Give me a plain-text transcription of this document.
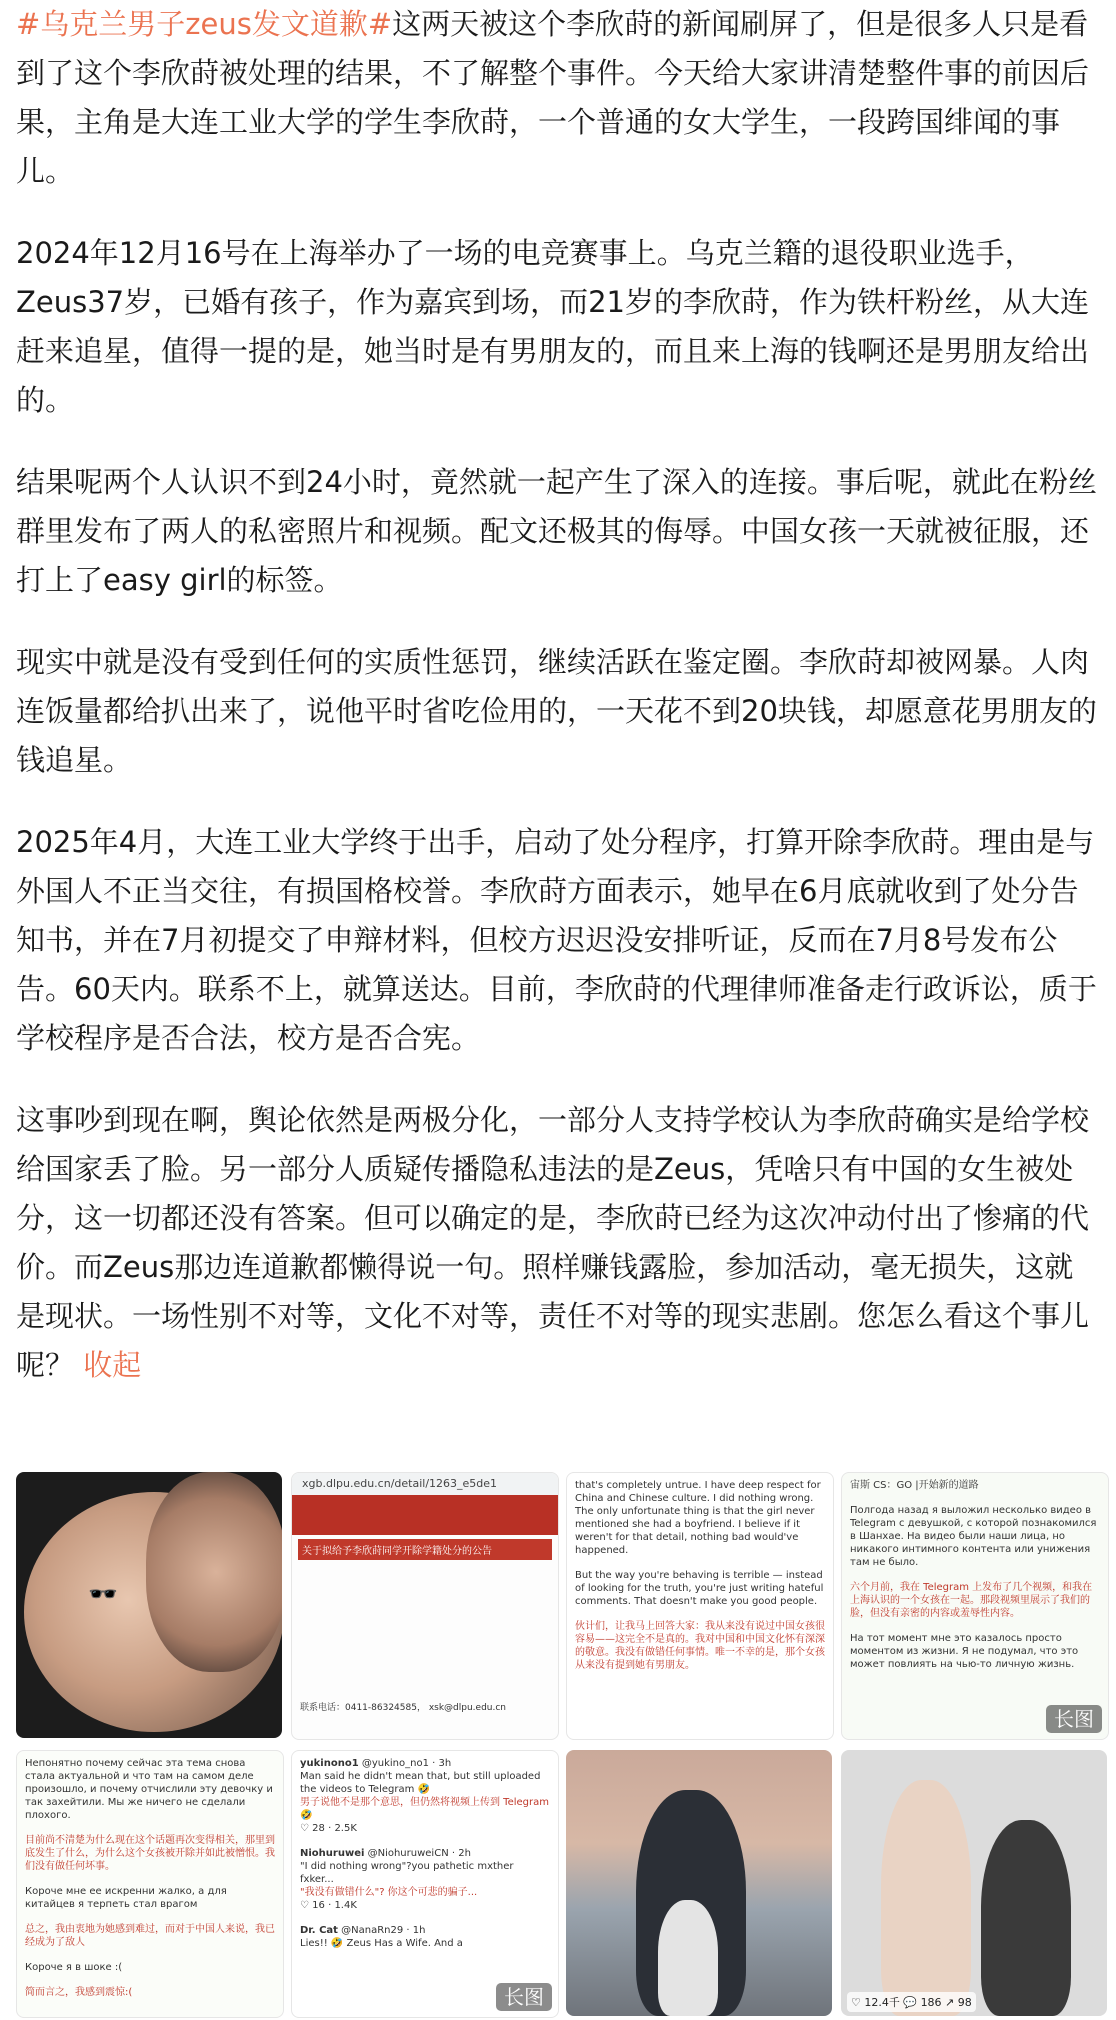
#乌克兰男子zeus发文道歉#这两天被这个李欣莳的新闻刷屏了，但是很多人只是看到了这个李欣莳被处理的结果，不了解整个事件。今天给大家讲清楚整件事的前因后果，主角是大连工业大学的学生李欣莳，一个普通的女大学生，一段跨国绯闻的事儿。

2024年12月16号在上海举办了一场的电竞赛事上。乌克兰籍的退役职业选手，Zeus37岁，已婚有孩子，作为嘉宾到场，而21岁的李欣莳，作为铁杆粉丝，从大连赶来追星，值得一提的是，她当时是有男朋友的，而且来上海的钱啊还是男朋友给出的。

结果呢两个人认识不到24小时，竟然就一起产生了深入的连接。事后呢，就此在粉丝群里发布了两人的私密照片和视频。配文还极其的侮辱。中国女孩一天就被征服，还打上了easy girl的标签。

现实中就是没有受到任何的实质性惩罚，继续活跃在鉴定圈。李欣莳却被网暴。人肉连饭量都给扒出来了，说他平时省吃俭用的，一天花不到20块钱，却愿意花男朋友的钱追星。

2025年4月，大连工业大学终于出手，启动了处分程序，打算开除李欣莳。理由是与外国人不正当交往，有损国格校誉。李欣莳方面表示，她早在6月底就收到了处分告知书，并在7月初提交了申辩材料，但校方迟迟没安排听证，反而在7月8号发布公告。60天内。联系不上，就算送达。目前，李欣莳的代理律师准备走行政诉讼，质于学校程序是否合法，校方是否合宪。

这事吵到现在啊，舆论依然是两极分化，一部分人支持学校认为李欣莳确实是给学校给国家丢了脸。另一部分人质疑传播隐私违法的是Zeus，凭啥只有中国的女生被处分，这一切都还没有答案。但可以确定的是，李欣莳已经为这次冲动付出了惨痛的代价。而Zeus那边连道歉都懒得说一句。照样赚钱露脸，参加活动，毫无损失，这就是现状。一场性别不对等，文化不对等，责任不对等的现实悲剧。您怎么看这个事儿呢？ 收起

🕶️
xgb.dlpu.edu.cn/detail/1263_e5de1
关于拟给予李欣莳同学开除学籍处分的公告
联系电话：0411-86324585， xsk@dlpu.edu.cn
that's completely untrue. I have deep respect for China and Chinese culture. I did nothing wrong. The only unfortunate thing is that the girl never mentioned she had a boyfriend. I believe if it weren't for that detail, nothing bad would've happened.
But the way you're behaving is terrible — instead of looking for the truth, you're just writing hateful comments. That doesn't make you good people.
伙计们，让我马上回答大家：我从来没有说过中国女孩很容易——这完全不是真的。我对中国和中国文化怀有深深的敬意。我没有做错任何事情。唯一不幸的是，那个女孩从来没有提到她有男朋友。
宙斯 CS：GO |开始新的道路
Полгода назад я выложил несколько видео в Telegram с девушкой, с которой познакомился в Шанхае. На видео были наши лица, но никакого интимного контента или унижения там не было.
六个月前，我在 Telegram 上发布了几个视频，和我在上海认识的一个女孩在一起。那段视频里展示了我们的脸，但没有亲密的内容或羞辱性内容。
На тот момент мне это казалось просто моментом из жизни. Я не подумал, что это может повлиять на чью-то личную жизнь.
长图
Непонятно почему сейчас эта тема снова стала актуальной и что там на самом деле произошло, и почему отчислили эту девочку и так захейтили. Мы же ничего не сделали плохого.
目前尚不清楚为什么现在这个话题再次变得相关，那里到底发生了什么，为什么这个女孩被开除并如此被憎恨。我们没有做任何坏事。
Короче мне ее искренни жалко, а для китайцев я терпеть стал врагом
总之，我由衷地为她感到难过，而对于中国人来说，我已经成为了敌人
Короче я в шоке :(
简而言之，我感到震惊:(
yukinono1 @yukino_no1 · 3h
Man said he didn't mean that, but still uploaded the videos to Telegram 🤣
男子说他不是那个意思，但仍然将视频上传到 Telegram 🤣
♡ 28 · 2.5K
Niohuruwei @NiohuruweiCN · 2h
"I did nothing wrong"?you pathetic mxther fxker...
"我没有做错什么"? 你这个可悲的骗子...
♡ 16 · 1.4K
Dr. Cat @NanaRn29 · 1h
Lies!! 🤣 Zeus Has a Wife. And a
长图	♡ 12.4千 💬 186 ↗ 98
